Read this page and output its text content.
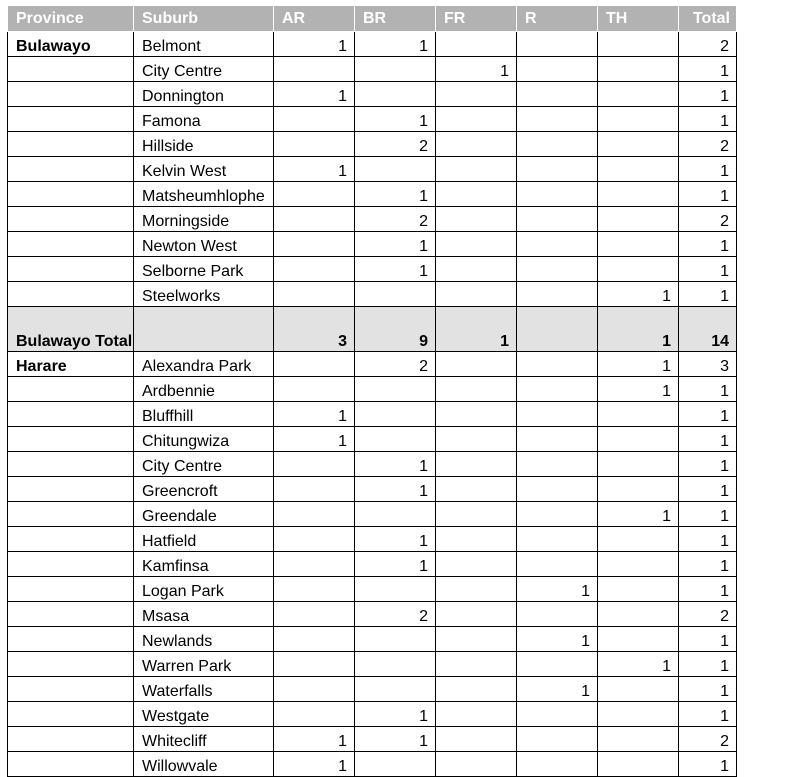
Province	Suburb	AR	BR	FR	R	TH	Total
Bulawayo	Belmont	1	1				2
	City Centre			1			1
	Donnington	1					1
	Famona		1				1
	Hillside		2				2
	Kelvin West	1					1
	Matsheumhlophe		1				1
	Morningside		2				2
	Newton West		1				1
	Selborne Park		1				1
	Steelworks					1	1
Bulawayo Total		3	9	1		1	14
Harare	Alexandra Park		2			1	3
	Ardbennie					1	1
	Bluffhill	1					1
	Chitungwiza	1					1
	City Centre		1				1
	Greencroft		1				1
	Greendale					1	1
	Hatfield		1				1
	Kamfinsa		1				1
	Logan Park				1		1
	Msasa		2				2
	Newlands				1		1
	Warren Park					1	1
	Waterfalls				1		1
	Westgate		1				1
	Whitecliff	1	1				2
	Willowvale	1					1
